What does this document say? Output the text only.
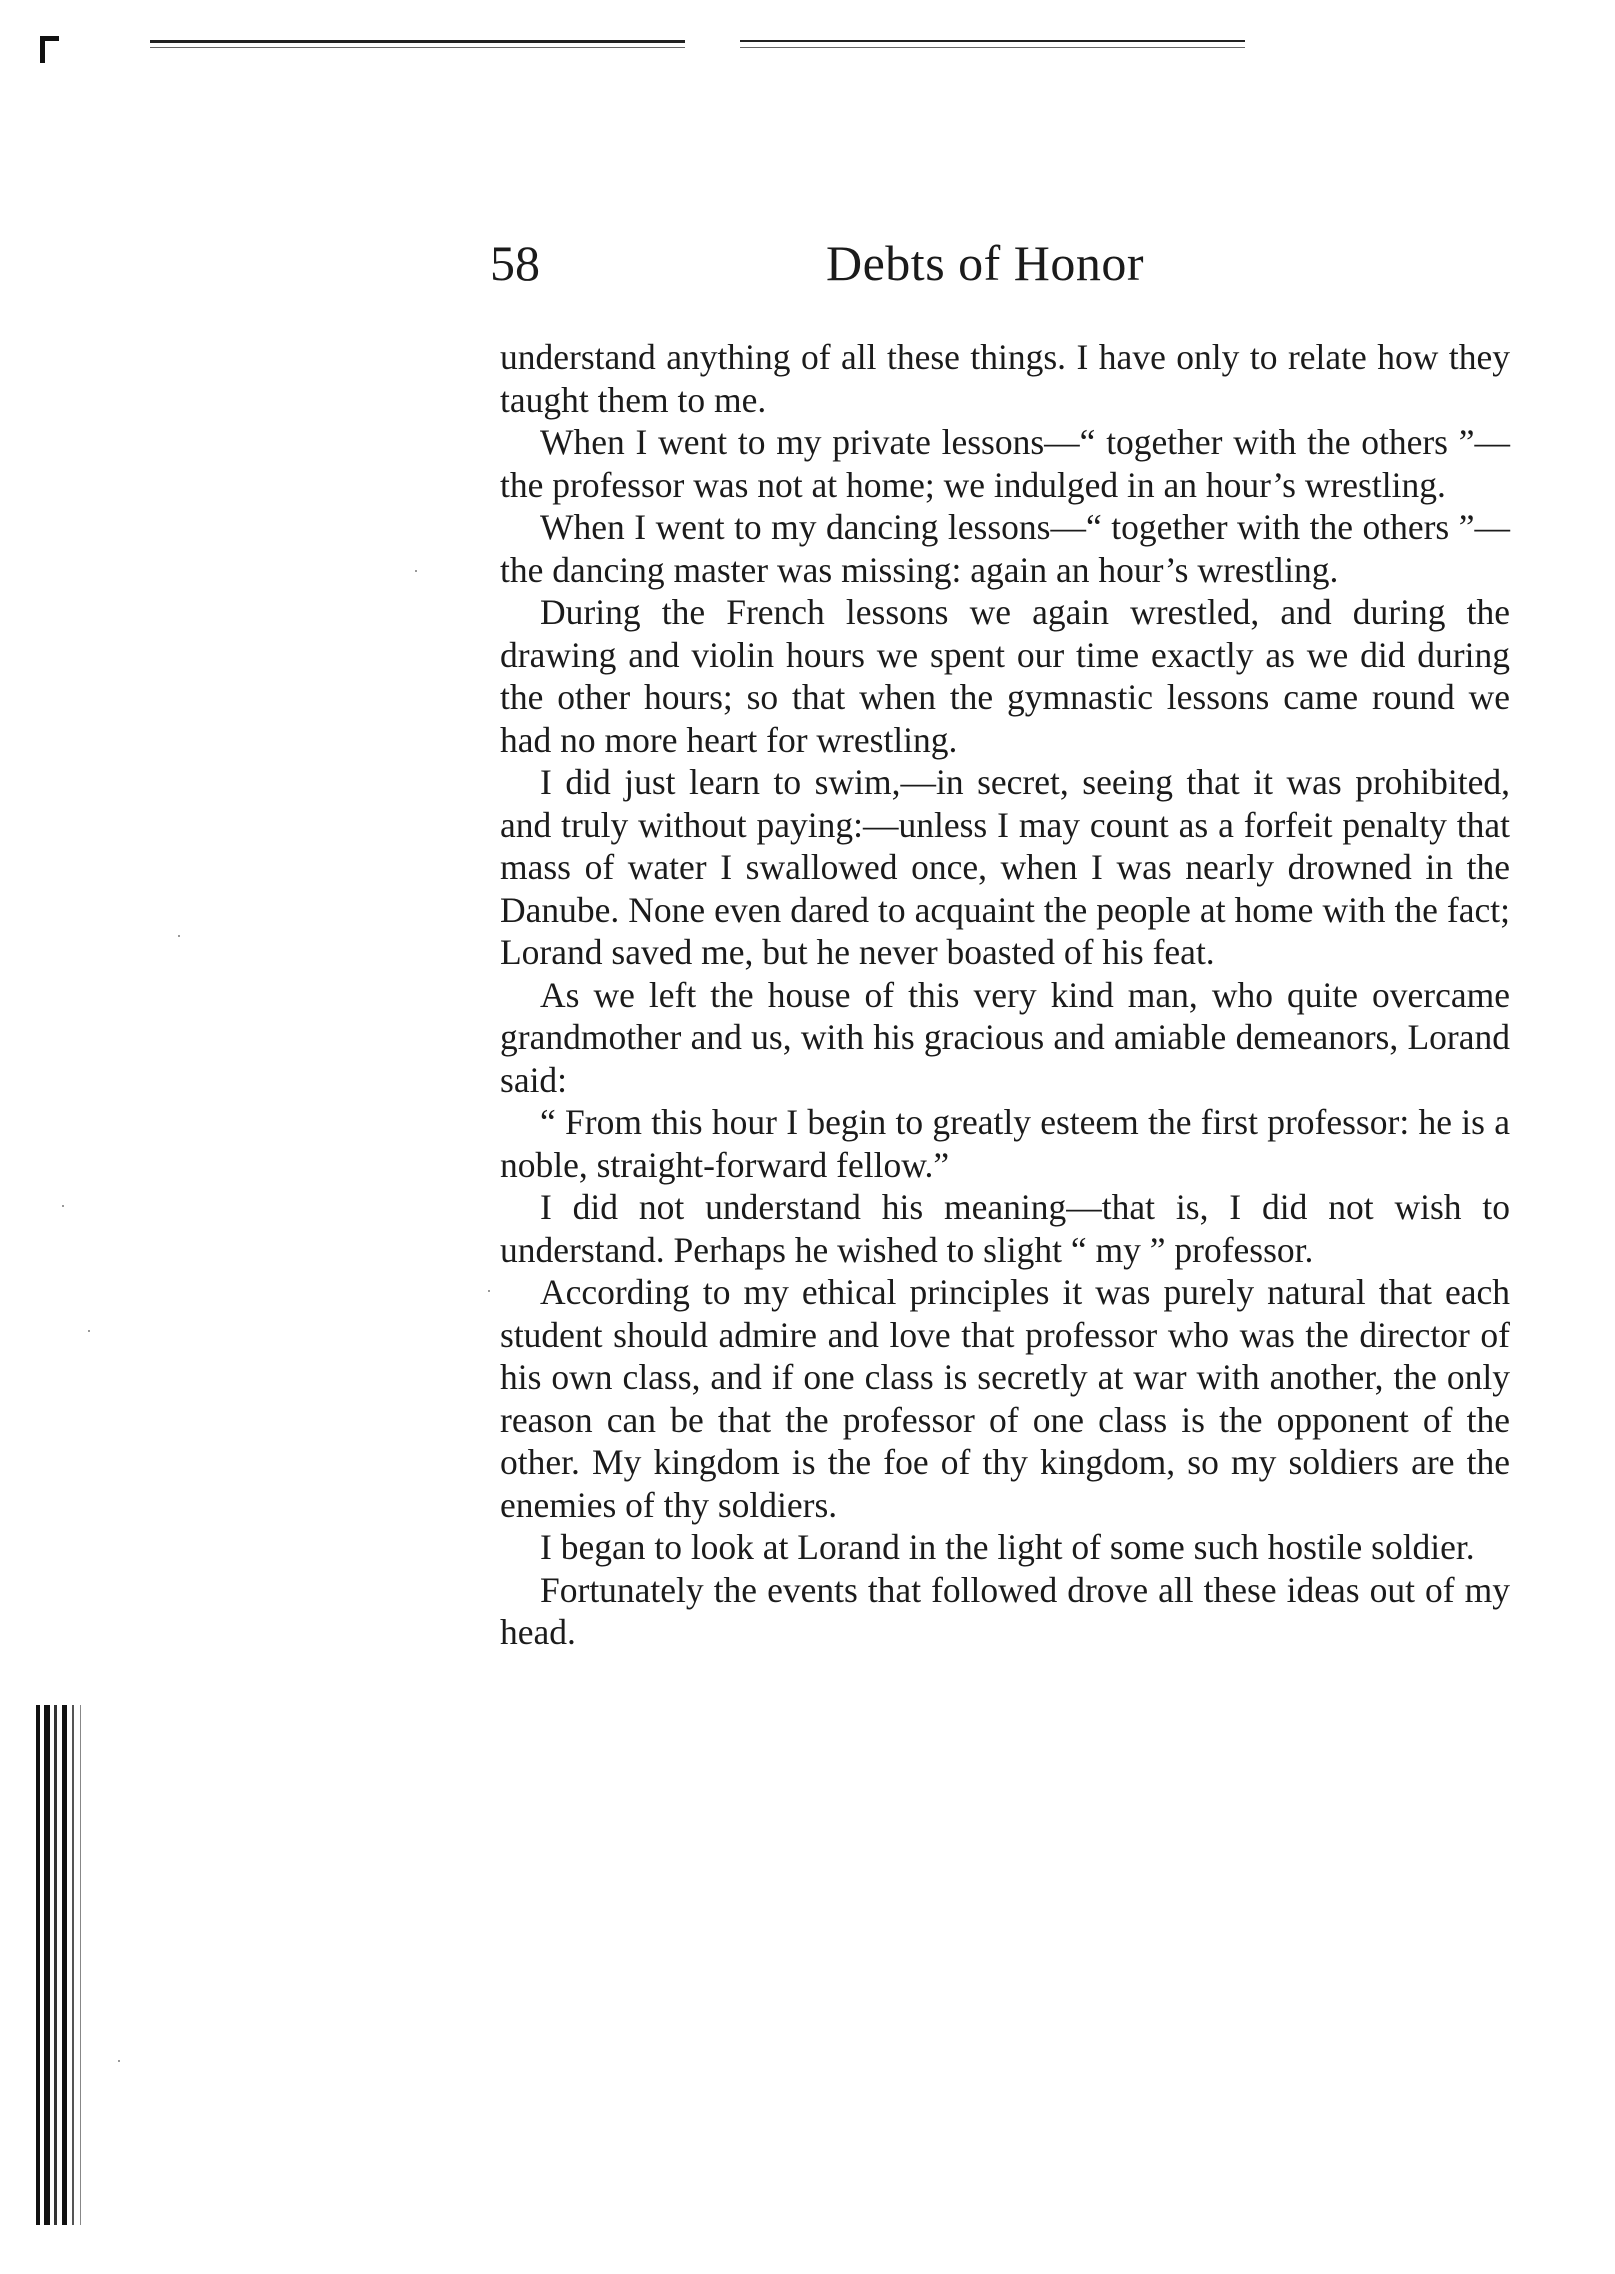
58	Debts of Honor

understand anything of all these things. I have only to relate how they taught them to me.

When I went to my private lessons—“ together with the others ”—the professor was not at home; we indulged in an hour’s wrestling.

When I went to my dancing lessons—“ together with the others ”—the dancing master was missing: again an hour’s wrestling.

During the French lessons we again wrestled, and during the drawing and violin hours we spent our time exactly as we did during the other hours; so that when the gymnastic lessons came round we had no more heart for wrestling.

I did just learn to swim,—in secret, seeing that it was prohibited, and truly without paying:—unless I may count as a forfeit penalty that mass of water I swallowed once, when I was nearly drowned in the Danube. None even dared to acquaint the people at home with the fact; Lorand saved me, but he never boasted of his feat.

As we left the house of this very kind man, who quite overcame grandmother and us, with his gracious and amiable demeanors, Lorand said:

“ From this hour I begin to greatly esteem the first professor: he is a noble, straight-forward fellow.”

I did not understand his meaning—that is, I did not wish to understand. Perhaps he wished to slight “ my ” professor.

According to my ethical principles it was purely natural that each student should admire and love that professor who was the director of his own class, and if one class is secretly at war with another, the only reason can be that the professor of one class is the opponent of the other. My kingdom is the foe of thy kingdom, so my soldiers are the enemies of thy soldiers.

I began to look at Lorand in the light of some such hostile soldier.

Fortunately the events that followed drove all these ideas out of my head.
